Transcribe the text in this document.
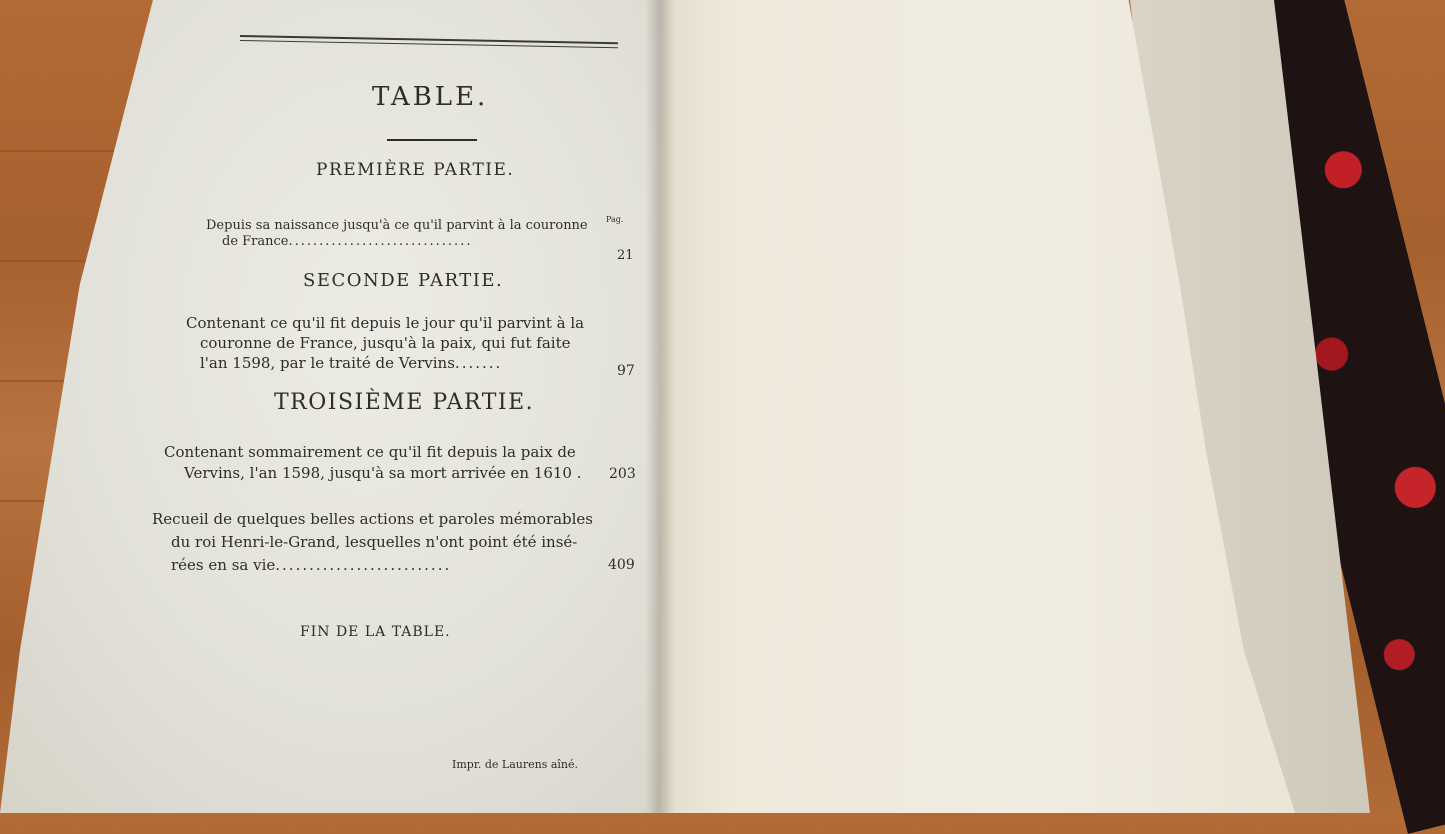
TABLE.
PREMIÈRE PARTIE.
Pag.
Depuis sa naissance jusqu'à ce qu'il parvint à la couronne
de France..............................
21
SECONDE PARTIE.
Contenant ce qu'il fit depuis le jour qu'il parvint à la
couronne de France, jusqu'à la paix, qui fut faite
l'an 1598, par le traité de Vervins.......	97
TROISIÈME PARTIE.
Contenant sommairement ce qu'il fit depuis la paix de
Vervins, l'an 1598, jusqu'à sa mort arrivée en 1610 . 203
Recueil de quelques belles actions et paroles mémorables
du roi Henri-le-Grand, lesquelles n'ont point été insé-
rées en sa vie..........................	409
FIN DE LA TABLE.
Impr. de Laurens aîné.
